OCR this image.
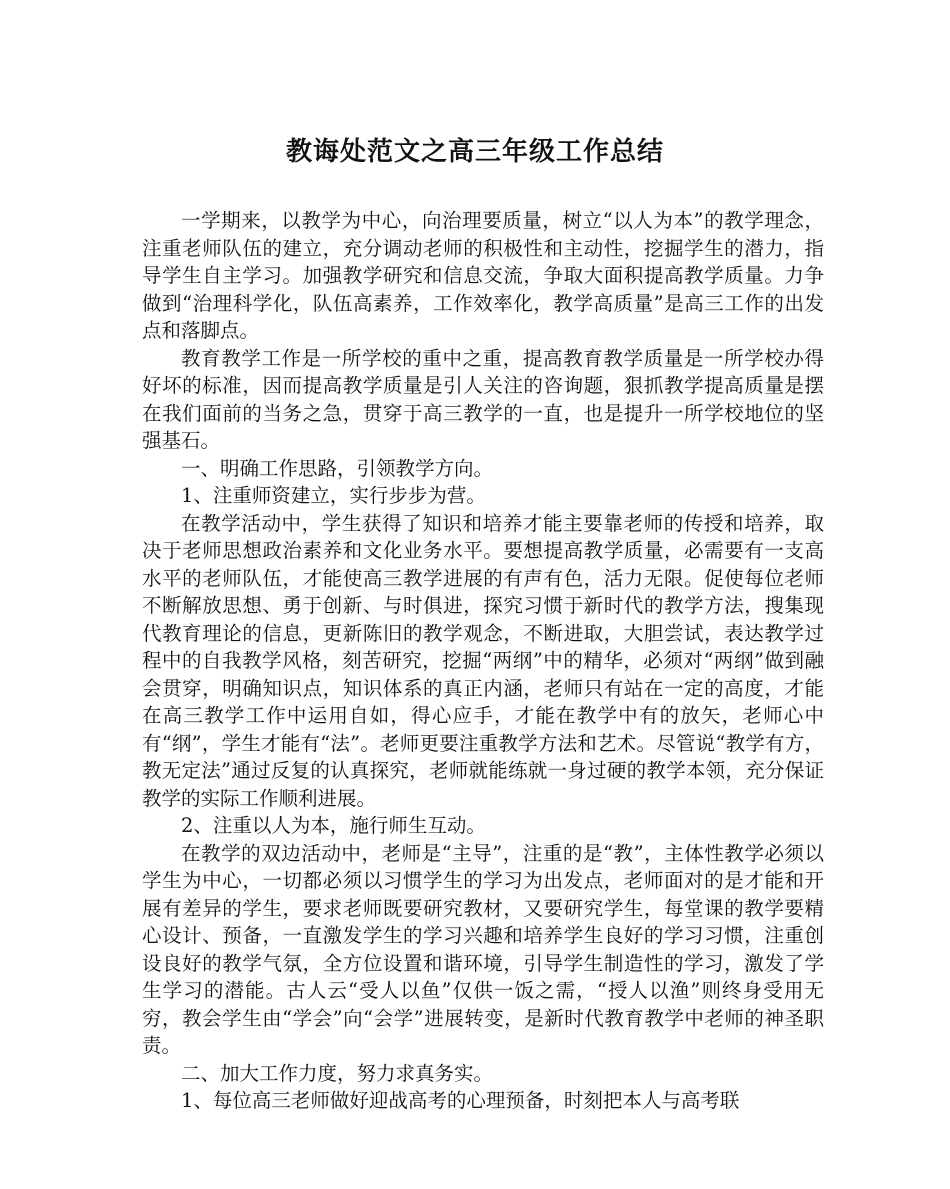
教诲处范文之高三年级工作总结

一学期来，以教学为中心，向治理要质量，树立“以人为本”的教学理念，注重老师队伍的建立，充分调动老师的积极性和主动性，挖掘学生的潜力，指导学生自主学习。加强教学研究和信息交流，争取大面积提高教学质量。力争做到“治理科学化，队伍高素养，工作效率化，教学高质量”是高三工作的出发点和落脚点。

教育教学工作是一所学校的重中之重，提高教育教学质量是一所学校办得好坏的标准，因而提高教学质量是引人关注的咨询题，狠抓教学提高质量是摆在我们面前的当务之急，贯穿于高三教学的一直，也是提升一所学校地位的坚强基石。

一、明确工作思路，引领教学方向。

1、注重师资建立，实行步步为营。

在教学活动中，学生获得了知识和培养才能主要靠老师的传授和培养，取决于老师思想政治素养和文化业务水平。要想提高教学质量，必需要有一支高水平的老师队伍，才能使高三教学进展的有声有色，活力无限。促使每位老师不断解放思想、勇于创新、与时俱进，探究习惯于新时代的教学方法，搜集现代教育理论的信息，更新陈旧的教学观念，不断进取，大胆尝试，表达教学过程中的自我教学风格，刻苦研究，挖掘“两纲”中的精华，必须对“两纲”做到融会贯穿，明确知识点，知识体系的真正内涵，老师只有站在一定的高度，才能在高三教学工作中运用自如，得心应手，才能在教学中有的放矢，老师心中有“纲”，学生才能有“法”。老师更要注重教学方法和艺术。尽管说“教学有方，教无定法”通过反复的认真探究，老师就能练就一身过硬的教学本领，充分保证教学的实际工作顺利进展。

2、注重以人为本，施行师生互动。

在教学的双边活动中，老师是“主导”，注重的是“教”，主体性教学必须以学生为中心，一切都必须以习惯学生的学习为出发点，老师面对的是才能和开展有差异的学生，要求老师既要研究教材，又要研究学生，每堂课的教学要精心设计、预备，一直激发学生的学习兴趣和培养学生良好的学习习惯，注重创设良好的教学气氛，全方位设置和谐环境，引导学生制造性的学习，激发了学生学习的潜能。古人云“受人以鱼”仅供一饭之需，“授人以渔”则终身受用无穷，教会学生由“学会”向“会学”进展转变，是新时代教育教学中老师的神圣职责。

二、加大工作力度，努力求真务实。

1、每位高三老师做好迎战高考的心理预备，时刻把本人与高考联
